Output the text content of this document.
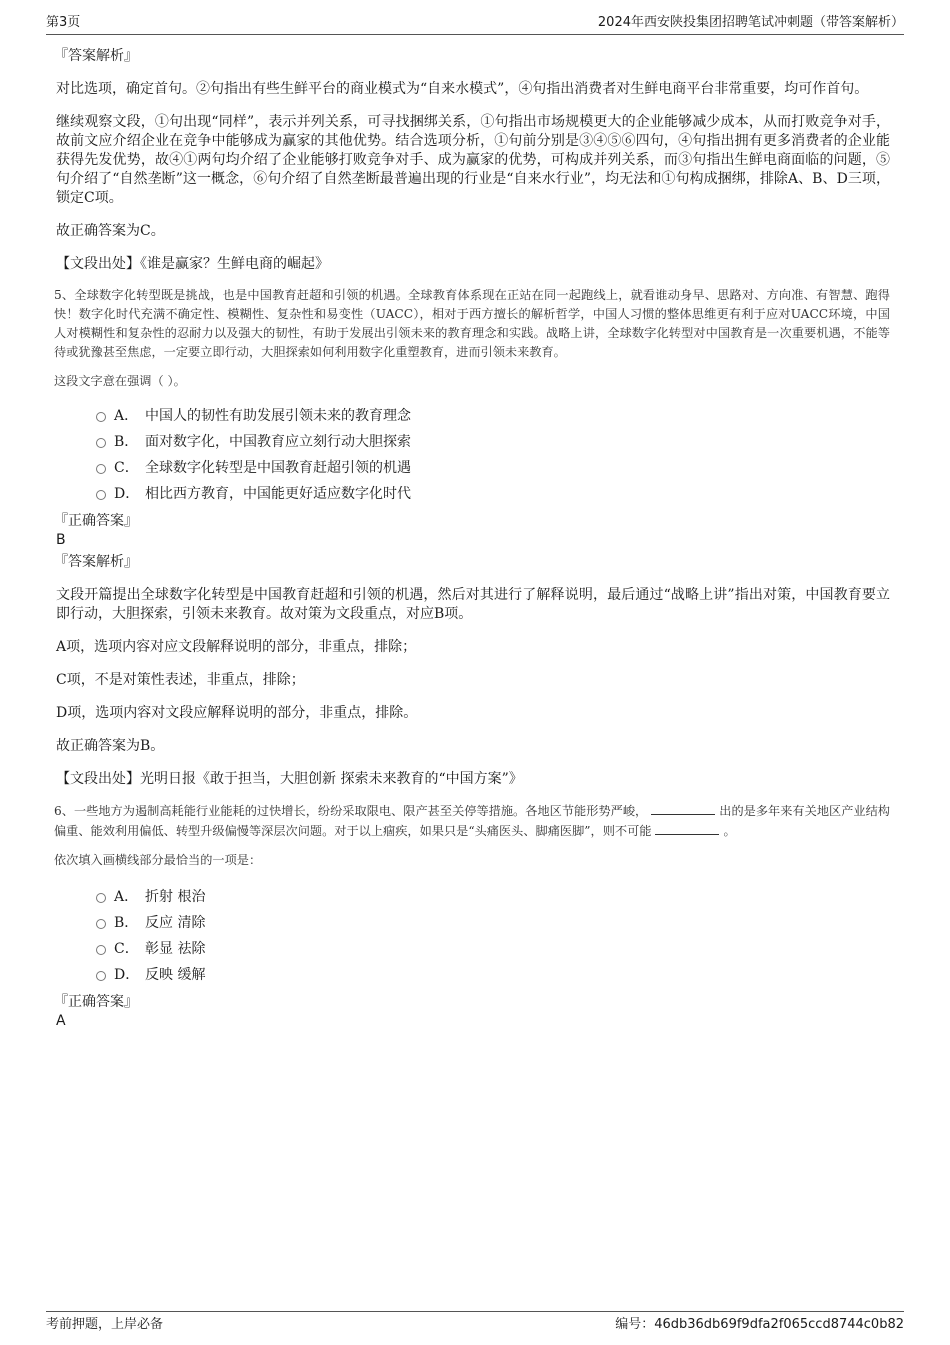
第3页	2024年西安陕投集团招聘笔试冲刺题（带答案解析）
『答案解析』

对比选项，确定首句。②句指出有些生鲜平台的商业模式为“自来水模式”，④句指出消费者对生鲜电商平台非常重要，均可作首句。

继续观察文段，①句出现“同样”，表示并列关系，可寻找捆绑关系，①句指出市场规模更大的企业能够减少成本，从而打败竞争对手，故前文应介绍企业在竞争中能够成为赢家的其他优势。结合选项分析，①句前分别是③④⑤⑥四句，④句指出拥有更多消费者的企业能获得先发优势，故④①两句均介绍了企业能够打败竞争对手、成为赢家的优势，可构成并列关系，而③句指出生鲜电商面临的问题，⑤句介绍了“自然垄断”这一概念，⑥句介绍了自然垄断最普遍出现的行业是“自来水行业”，均无法和①句构成捆绑，排除A、B、D三项，锁定C项。

故正确答案为C。

【文段出处】《谁是赢家？生鲜电商的崛起》

5、全球数字化转型既是挑战，也是中国教育赶超和引领的机遇。全球教育体系现在正站在同一起跑线上，就看谁动身早、思路对、方向准、有智慧、跑得快！数字化时代充满不确定性、模糊性、复杂性和易变性（UACC），相对于西方擅长的解析哲学，中国人习惯的整体思维更有利于应对UACC环境，中国人对模糊性和复杂性的忍耐力以及强大的韧性，有助于发展出引领未来的教育理念和实践。战略上讲，全球数字化转型对中国教育是一次重要机遇，不能等待或犹豫甚至焦虑，一定要立即行动，大胆探索如何利用数字化重塑教育，进而引领未来教育。

这段文字意在强调（ ）。

A． 中国人的韧性有助发展引领未来的教育理念
B． 面对数字化，中国教育应立刻行动大胆探索
C． 全球数字化转型是中国教育赶超引领的机遇
D． 相比西方教育，中国能更好适应数字化时代
『正确答案』
B
『答案解析』

文段开篇提出全球数字化转型是中国教育赶超和引领的机遇，然后对其进行了解释说明，最后通过“战略上讲”指出对策，中国教育要立即行动，大胆探索，引领未来教育。故对策为文段重点，对应B项。

A项，选项内容对应文段解释说明的部分，非重点，排除；

C项，不是对策性表述，非重点，排除；

D项，选项内容对文段应解释说明的部分，非重点，排除。

故正确答案为B。

【文段出处】光明日报《敢于担当，大胆创新 探索未来教育的“中国方案”》

6、一些地方为遏制高耗能行业能耗的过快增长，纷纷采取限电、限产甚至关停等措施。各地区节能形势严峻，	出的是多年来有关地区产业结构偏重、能效利用偏低、转型升级偏慢等深层次问题。对于以上痼疾，如果只是“头痛医头、脚痛医脚”，则不可能	。

依次填入画横线部分最恰当的一项是：

A． 折射 根治
B． 反应 清除
C． 彰显 祛除
D． 反映 缓解
『正确答案』
A
考前押题，上岸必备	编号：46db36db69f9dfa2f065ccd8744c0b82
